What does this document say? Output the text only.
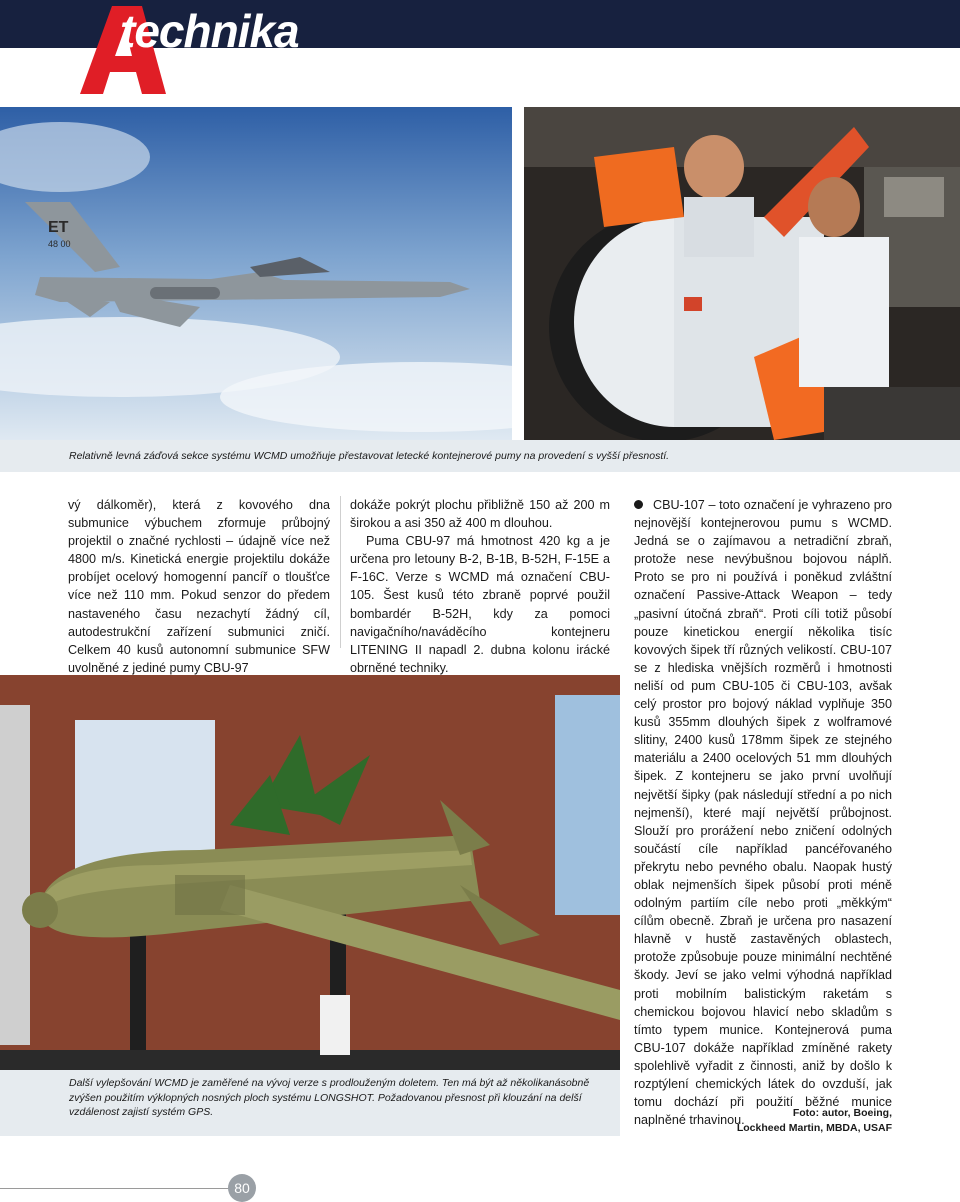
technika
ET
48 00
Relativně levná záďová sekce systému WCMD umožňuje přestavovat letecké kontejnerové pumy na provedení s vyšší přesností.

vý dálkoměr), která z kovového dna submunice výbuchem zformuje průbojný projektil o značné rychlosti – údajně více než 4800 m/s. Kinetická energie projektilu dokáže probíjet ocelový homogenní pancíř o tloušťce více než 110 mm. Pokud senzor do předem nastaveného času nezachytí žádný cíl, autodestrukční zařízení submunici zničí. Celkem 40 kusů autonomní submunice SFW uvolněné z jediné pumy CBU-97

dokáže pokrýt plochu přibližně 150 až 200 m širokou a asi 350 až 400 m dlouhou.

Puma CBU-97 má hmotnost 420 kg a je určena pro letouny B-2, B-1B, B-52H, F-15E a F-16C. Verze s WCMD má označení CBU-105. Šest kusů této zbraně poprvé použil bombardér B-52H, kdy za pomoci navigačního/naváděcího kontejneru LITENING II napadl 2. dubna kolonu irácké obrněné techniky.

CBU-107 – toto označení je vyhrazeno pro nejnovější kontejnerovou pumu s WCMD. Jedná se o zajímavou a netradiční zbraň, protože nese nevýbušnou bojovou náplň. Proto se pro ni používá i poněkud zvláštní označení Passive-Attack Weapon – tedy „pasivní útočná zbraň“. Proti cíli totiž působí pouze kinetickou energií několika tisíc kovových šipek tří různých velikostí. CBU-107 se z hlediska vnějších rozměrů i hmotnosti neliší od pum CBU-105 či CBU-103, avšak celý prostor pro bojový náklad vyplňuje 350 kusů 355mm dlouhých šipek z wolframové slitiny, 2400 kusů 178mm šipek ze stejného materiálu a 2400 ocelových 51 mm dlouhých šipek. Z kontejneru se jako první uvolňují největší šipky (pak následují střední a po nich nejmenší), které mají největší průbojnost. Slouží pro prorážení nebo zničení odolných součástí cíle například pancéřovaného překrytu nebo pevného obalu. Naopak hustý oblak nejmenších šipek působí proti méně odolným partiím cíle nebo proti „měkkým“ cílům obecně. Zbraň je určena pro nasazení hlavně v hustě zastavěných oblastech, protože způsobuje pouze minimální nechtěné škody. Jeví se jako velmi výhodná například proti mobilním balistickým raketám s chemickou bojovou hlavicí nebo skladům s tímto typem munice. Kontejnerová puma CBU-107 dokáže například zmíněné rakety spolehlivě vyřadit z činnosti, aniž by došlo k rozptýlení chemických látek do ovzduší, jak tomu dochází při použití běžné munice naplněné trhavinou.

Další vylepšování WCMD je zaměřené na vývoj verze s prodlouženým doletem. Ten má být až několikanásobně zvýšen použitím výklopných nosných ploch systému LONGSHOT. Požadovanou přesnost při klouzání na delší vzdálenost zajistí systém GPS.	Foto: autor, Boeing,
Lockheed Martin, MBDA, USAF
80
